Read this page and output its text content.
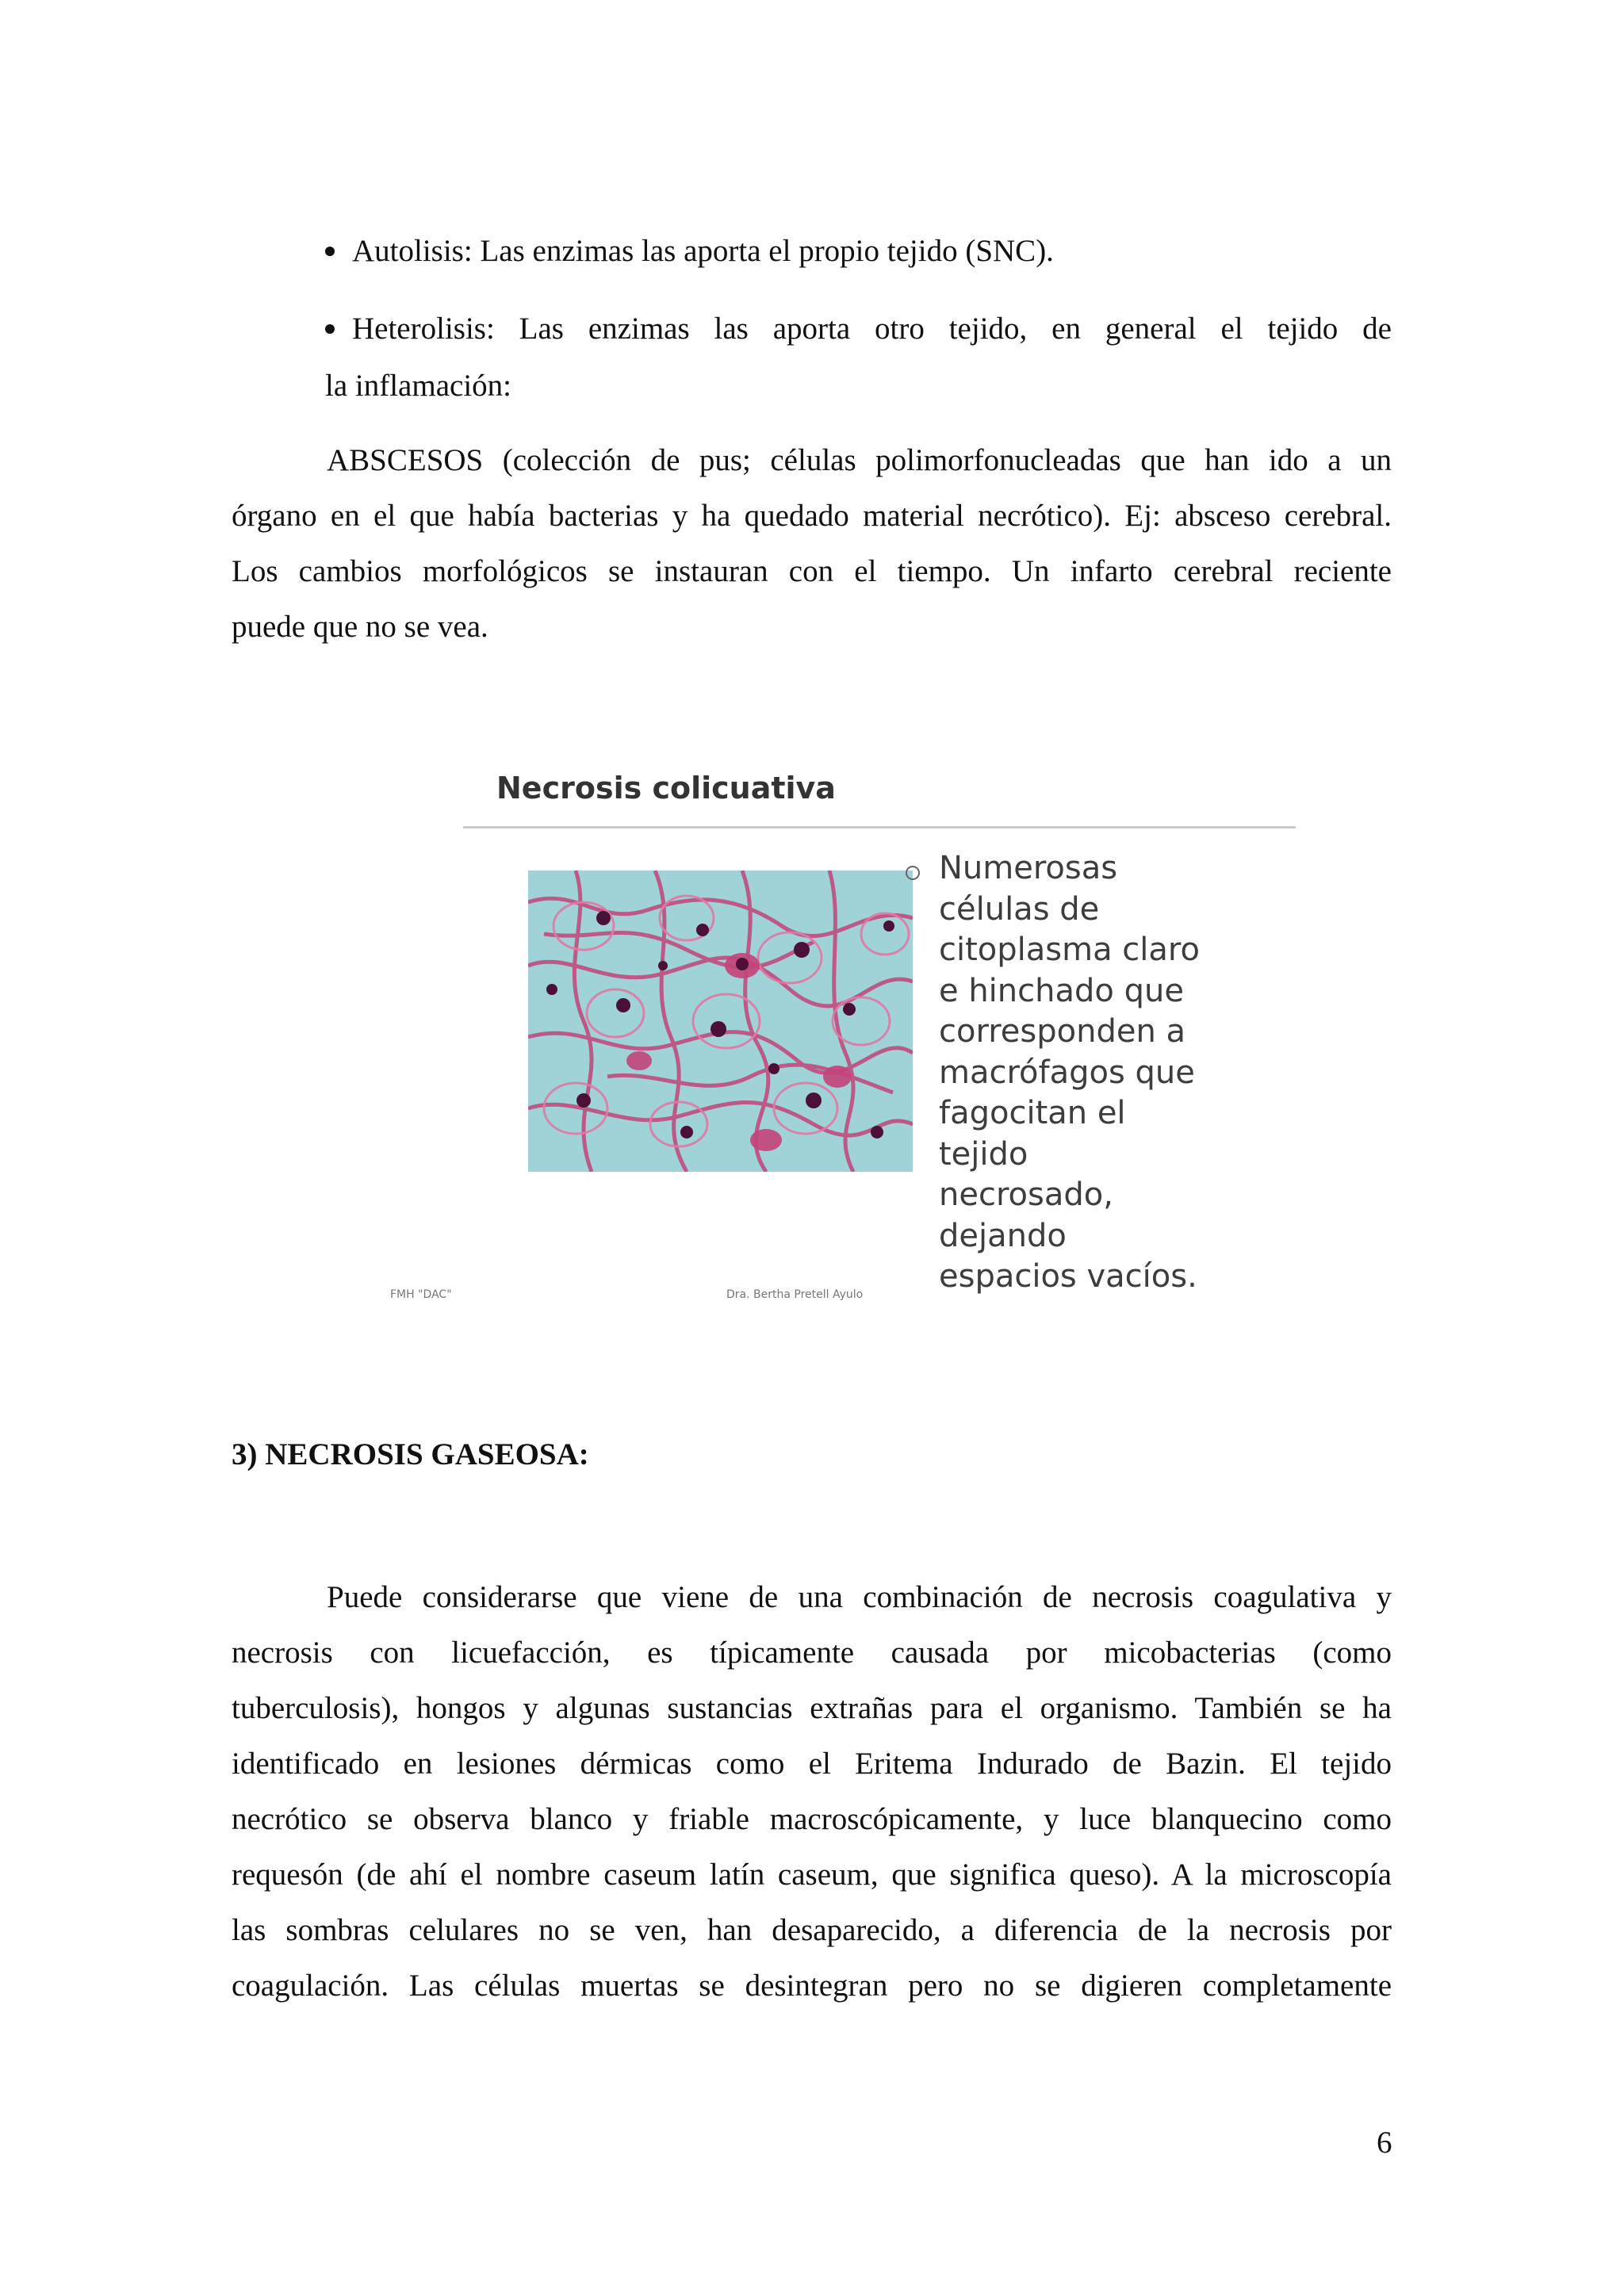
Autolisis: Las enzimas las aporta el propio tejido (SNC).
Heterolisis: Las enzimas las aporta otro tejido, en general el tejido de
la inflamación:
ABSCESOS (colección de pus; células polimorfonucleadas que han ido a un
órgano en el que había bacterias y ha quedado material necrótico). Ej: absceso cerebral.
Los cambios morfológicos se instauran con el tiempo. Un infarto cerebral reciente
puede que no se vea.
Necrosis colicuativa
Numerosas
células de
citoplasma claro
e hinchado que
corresponden a
macrófagos que
fagocitan el
tejido
necrosado,
dejando
espacios vacíos.
FMH "DAC"	Dra. Bertha Pretell Ayulo
3) NECROSIS GASEOSA:
Puede considerarse que viene de una combinación de necrosis coagulativa y
necrosis con licuefacción, es típicamente causada por micobacterias (como
tuberculosis), hongos y algunas sustancias extrañas para el organismo. También se ha
identificado en lesiones dérmicas como el Eritema Indurado de Bazin. El tejido
necrótico se observa blanco y friable macroscópicamente, y luce blanquecino como
requesón (de ahí el nombre caseum latín caseum, que significa queso). A la microscopía
las sombras celulares no se ven, han desaparecido, a diferencia de la necrosis por
coagulación. Las células muertas se desintegran pero no se digieren completamente
6
